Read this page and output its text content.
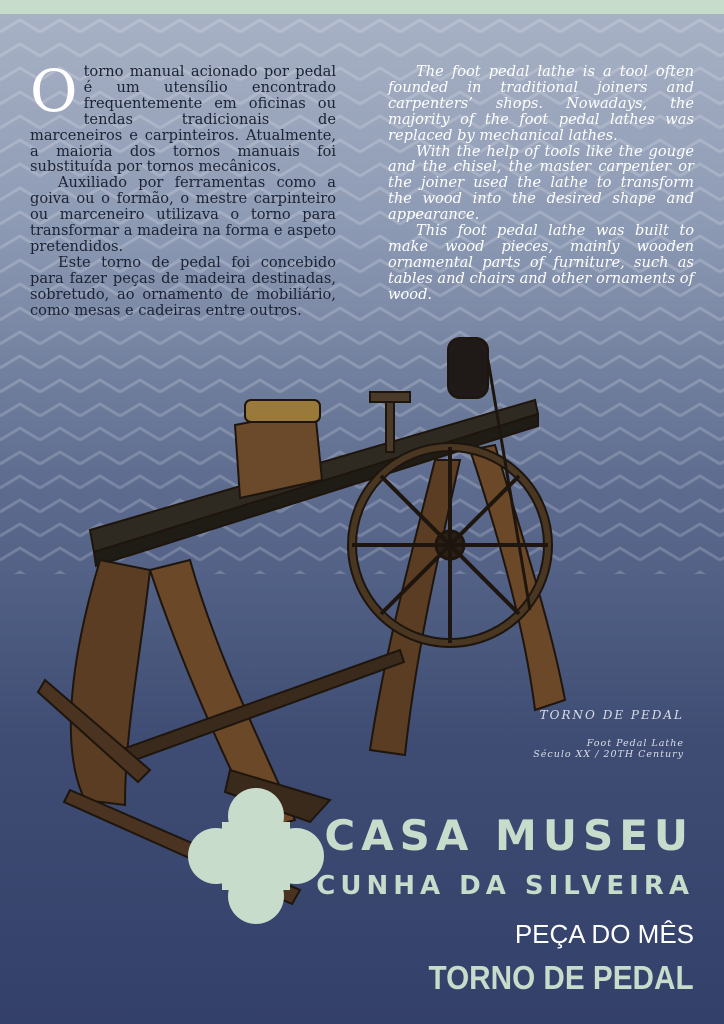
Otorno manual acionado por pedal é um utensílio encontrado frequentemente em oficinas ou tendas tradicionais de marceneiros e carpinteiros. Atualmente, a maioria dos tornos manuais foi substituída por tornos mecânicos.

Auxiliado por ferramentas como a goiva ou o formão, o mestre carpinteiro ou marceneiro utilizava o torno para transformar a madeira na forma e aspeto pretendidos.

Este torno de pedal foi concebido para fazer peças de madeira destinadas, sobretudo, ao ornamento de mobiliário, como mesas e cadeiras entre outros.

The foot pedal lathe is a tool often founded in traditional joiners and carpenters’ shops. Nowadays, the majority of the foot pedal lathes was replaced by mechanical lathes.

With the help of tools like the gouge and the chisel, the master carpenter or the joiner used the lathe to transform the wood into the desired shape and appearance.

This foot pedal lathe was built to make wood pieces, mainly wooden ornamental parts of furniture, such as tables and chairs and other ornaments of wood.

TORNO DE PEDAL
Foot Pedal Lathe
Século XX / 20TH Century
CASA MUSEU
CUNHA DA SILVEIRA
PEÇA DO MÊS
TORNO DE PEDAL
